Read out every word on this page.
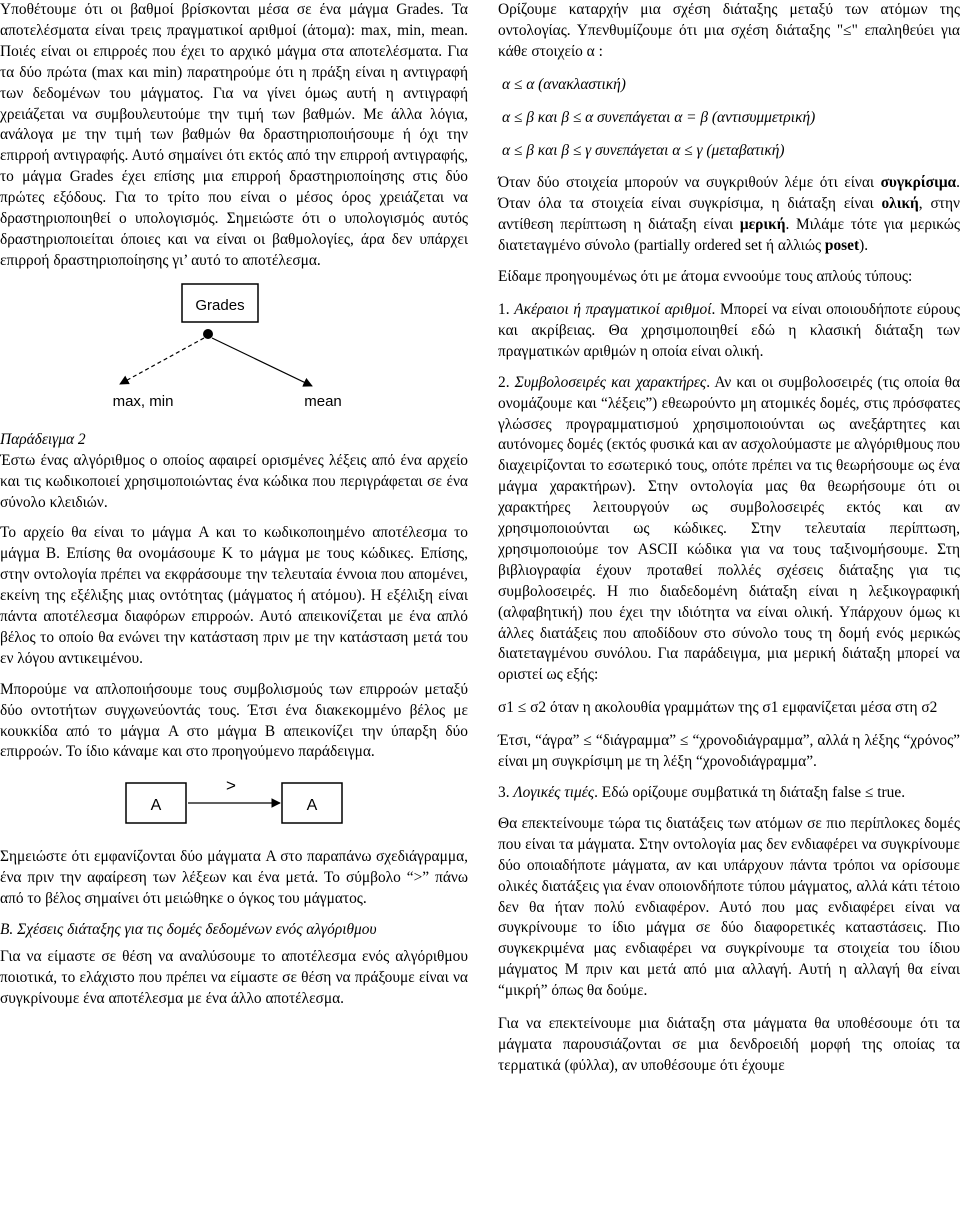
Υποθέτουμε ότι οι βαθμοί βρίσκονται μέσα σε ένα μάγμα Grades. Τα αποτελέσματα είναι τρεις πραγματικοί αριθμοί (άτομα): max, min, mean. Ποιές είναι οι επιρροές που έχει το αρχικό μάγμα στα αποτελέσματα. Για τα δύο πρώτα (max και min) παρατηρούμε ότι η πράξη είναι η αντιγραφή των δεδομένων του μάγματος. Για να γίνει όμως αυτή η αντιγραφή χρειάζεται να συμβουλευτούμε την τιμή των βαθμών. Με άλλα λόγια, ανάλογα με την τιμή των βαθμών θα δραστηριοποιήσουμε ή όχι την επιρροή αντιγραφής. Αυτό σημαίνει ότι εκτός από την επιρροή αντιγραφής, το μάγμα Grades έχει επίσης μια επιρροή δραστηριοποίησης στις δύο πρώτες εξόδους. Για το τρίτο που είναι ο μέσος όρος χρειάζεται να δραστηριοποιηθεί ο υπολογισμός. Σημειώστε ότι ο υπολογισμός αυτός δραστηριοποιείται όποιες και να είναι οι βαθμολογίες, άρα δεν υπάρχει επιρροή δραστηριοποίησης γι’ αυτό το αποτέλεσμα.

Grades
max, min	mean

Παράδειγμα 2

Έστω ένας αλγόριθμος ο οποίος αφαιρεί ορισμένες λέξεις από ένα αρχείο και τις κωδικοποιεί χρησιμοποιώντας ένα κώδικα που περιγράφεται σε ένα σύνολο κλειδιών.

Το αρχείο θα είναι το μάγμα A και το κωδικοποιημένο αποτέλεσμα το μάγμα B. Επίσης θα ονομάσουμε K το μάγμα με τους κώδικες. Επίσης, στην οντολογία πρέπει να εκφράσουμε την τελευταία έννοια που απομένει, εκείνη της εξέλιξης μιας οντότητας (μάγματος ή ατόμου). Η εξέλιξη είναι πάντα αποτέλεσμα διαφόρων επιρροών. Αυτό απεικονίζεται με ένα απλό βέλος το οποίο θα ενώνει την κατάσταση πριν με την κατάσταση μετά του εν λόγου αντικειμένου.

Μπορούμε να απλοποιήσουμε τους συμβολισμούς των επιρροών μεταξύ δύο οντοτήτων συγχωνεύοντάς τους. Έτσι ένα διακεκομμένο βέλος με κουκκίδα από το μάγμα A στο μάγμα B απεικονίζει την ύπαρξη δύο επιρροών. Το ίδιο κάναμε και στο προηγούμενο παράδειγμα.

A
>
A

Σημειώστε ότι εμφανίζονται δύο μάγματα A στο παραπάνω σχεδιάγραμμα, ένα πριν την αφαίρεση των λέξεων και ένα μετά. Το σύμβολο “>” πάνω από το βέλος σημαίνει ότι μειώθηκε ο όγκος του μάγματος.

B. Σχέσεις διάταξης για τις δομές δεδομένων ενός αλγόριθμου

Για να είμαστε σε θέση να αναλύσουμε το αποτέλεσμα ενός αλγόριθμου ποιοτικά, το ελάχιστο που πρέπει να είμαστε σε θέση να πράξουμε είναι να συγκρίνουμε ένα αποτέλεσμα με ένα άλλο αποτέλεσμα.

Ορίζουμε καταρχήν μια σχέση διάταξης μεταξύ των ατόμων της οντολογίας. Υπενθυμίζουμε ότι μια σχέση διάταξης "≤" επαληθεύει για κάθε στοιχείο α :

α ≤ α (ανακλαστική)

α ≤ β και β ≤ α συνεπάγεται α = β (αντισυμμετρική)

α ≤ β και β ≤ γ συνεπάγεται α ≤ γ (μεταβατική)

Όταν δύο στοιχεία μπορούν να συγκριθούν λέμε ότι είναι συγκρίσιμα. Όταν όλα τα στοιχεία είναι συγκρίσιμα, η διάταξη είναι ολική, στην αντίθεση περίπτωση η διάταξη είναι μερική. Μιλάμε τότε για μερικώς διατεταγμένο σύνολο (partially ordered set ή αλλιώς poset).

Είδαμε προηγουμένως ότι με άτομα εννοούμε τους απλούς τύπους:

1. Ακέραιοι ή πραγματικοί αριθμοί. Μπορεί να είναι οποιουδήποτε εύρους και ακρίβειας. Θα χρησιμοποιηθεί εδώ η κλασική διάταξη των πραγματικών αριθμών η οποία είναι ολική.

2. Συμβολοσειρές και χαρακτήρες. Αν και οι συμβολοσειρές (τις οποία θα ονομάζουμε και “λέξεις”) εθεωρούντο μη ατομικές δομές, στις πρόσφατες γλώσσες προγραμματισμού χρησιμοποιούνται ως ανεξάρτητες και αυτόνομες δομές (εκτός φυσικά και αν ασχολούμαστε με αλγόριθμους που διαχειρίζονται το εσωτερικό τους, οπότε πρέπει να τις θεωρήσουμε ως ένα μάγμα χαρακτήρων). Στην οντολογία μας θα θεωρήσουμε ότι οι χαρακτήρες λειτουργούν ως συμβολοσειρές εκτός και αν χρησιμοποιούνται ως κώδικες. Στην τελευταία περίπτωση, χρησιμοποιούμε τον ASCII κώδικα για να τους ταξινομήσουμε. Στη βιβλιογραφία έχουν προταθεί πολλές σχέσεις διάταξης για τις συμβολοσειρές. Η πιο διαδεδομένη διάταξη είναι η λεξικογραφική (αλφαβητική) που έχει την ιδιότητα να είναι ολική. Υπάρχουν όμως κι άλλες διατάξεις που αποδίδουν στο σύνολο τους τη δομή ενός μερικώς διατεταγμένου συνόλου. Για παράδειγμα, μια μερική διάταξη μπορεί να οριστεί ως εξής:

σ1 ≤ σ2 όταν η ακολουθία γραμμάτων της σ1 εμφανίζεται μέσα στη σ2

Έτσι, “άγρα” ≤ “διάγραμμα” ≤ “χρονοδιάγραμμα”, αλλά η λέξης “χρόνος” είναι μη συγκρίσιμη με τη λέξη “χρονοδιάγραμμα”.

3. Λογικές τιμές. Εδώ ορίζουμε συμβατικά τη διάταξη false ≤ true.

Θα επεκτείνουμε τώρα τις διατάξεις των ατόμων σε πιο περίπλοκες δομές που είναι τα μάγματα. Στην οντολογία μας δεν ενδιαφέρει να συγκρίνουμε δύο οποιαδήποτε μάγματα, αν και υπάρχουν πάντα τρόποι να ορίσουμε ολικές διατάξεις για έναν οποιονδήποτε τύπου μάγματος, αλλά κάτι τέτοιο δεν θα ήταν πολύ ενδιαφέρον. Αυτό που μας ενδιαφέρει είναι να συγκρίνουμε το ίδιο μάγμα σε δύο διαφορετικές καταστάσεις. Πιο συγκεκριμένα μας ενδιαφέρει να συγκρίνουμε τα στοιχεία του ίδιου μάγματος M πριν και μετά από μια αλλαγή. Αυτή η αλλαγή θα είναι “μικρή” όπως θα δούμε.

Για να επεκτείνουμε μια διάταξη στα μάγματα θα υποθέσουμε ότι τα μάγματα παρουσιάζονται σε μια δενδροειδή μορφή της οποίας τα τερματικά (φύλλα), αν υποθέσουμε ότι έχουμε
